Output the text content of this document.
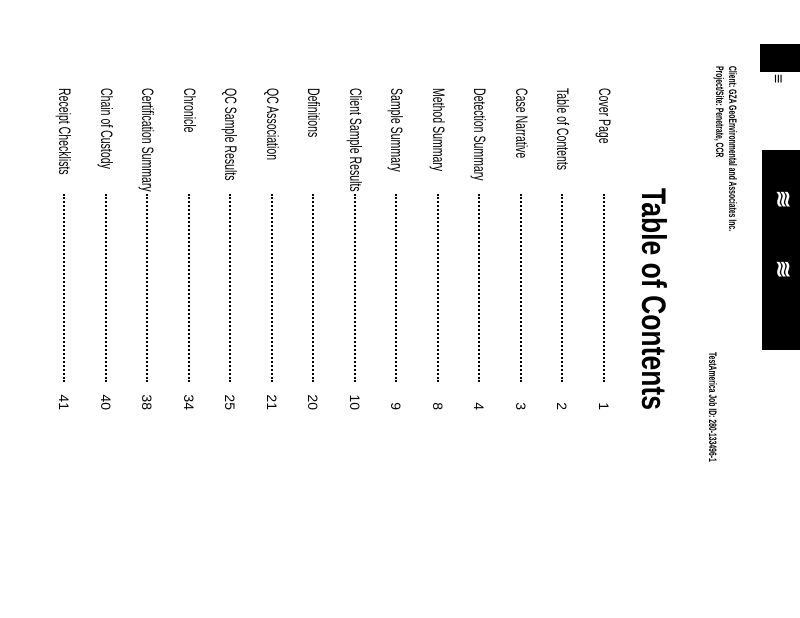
≡
≋
≋
Client: GZA GeoEnvironmental and Associates Inc.
Project/Site: Penetrate, CCR
TestAmerica Job ID: 280-133496-1
Table of Contents
Cover Page
1
Table of Contents
2
Case Narrative
3
Detection Summary
4
Method Summary
8
Sample Summary
9
Client Sample Results
10
Definitions
20
QC Association
21
QC Sample Results
25
Chronicle
34
Certification Summary
38
Chain of Custody
40
Receipt Checklists
41
